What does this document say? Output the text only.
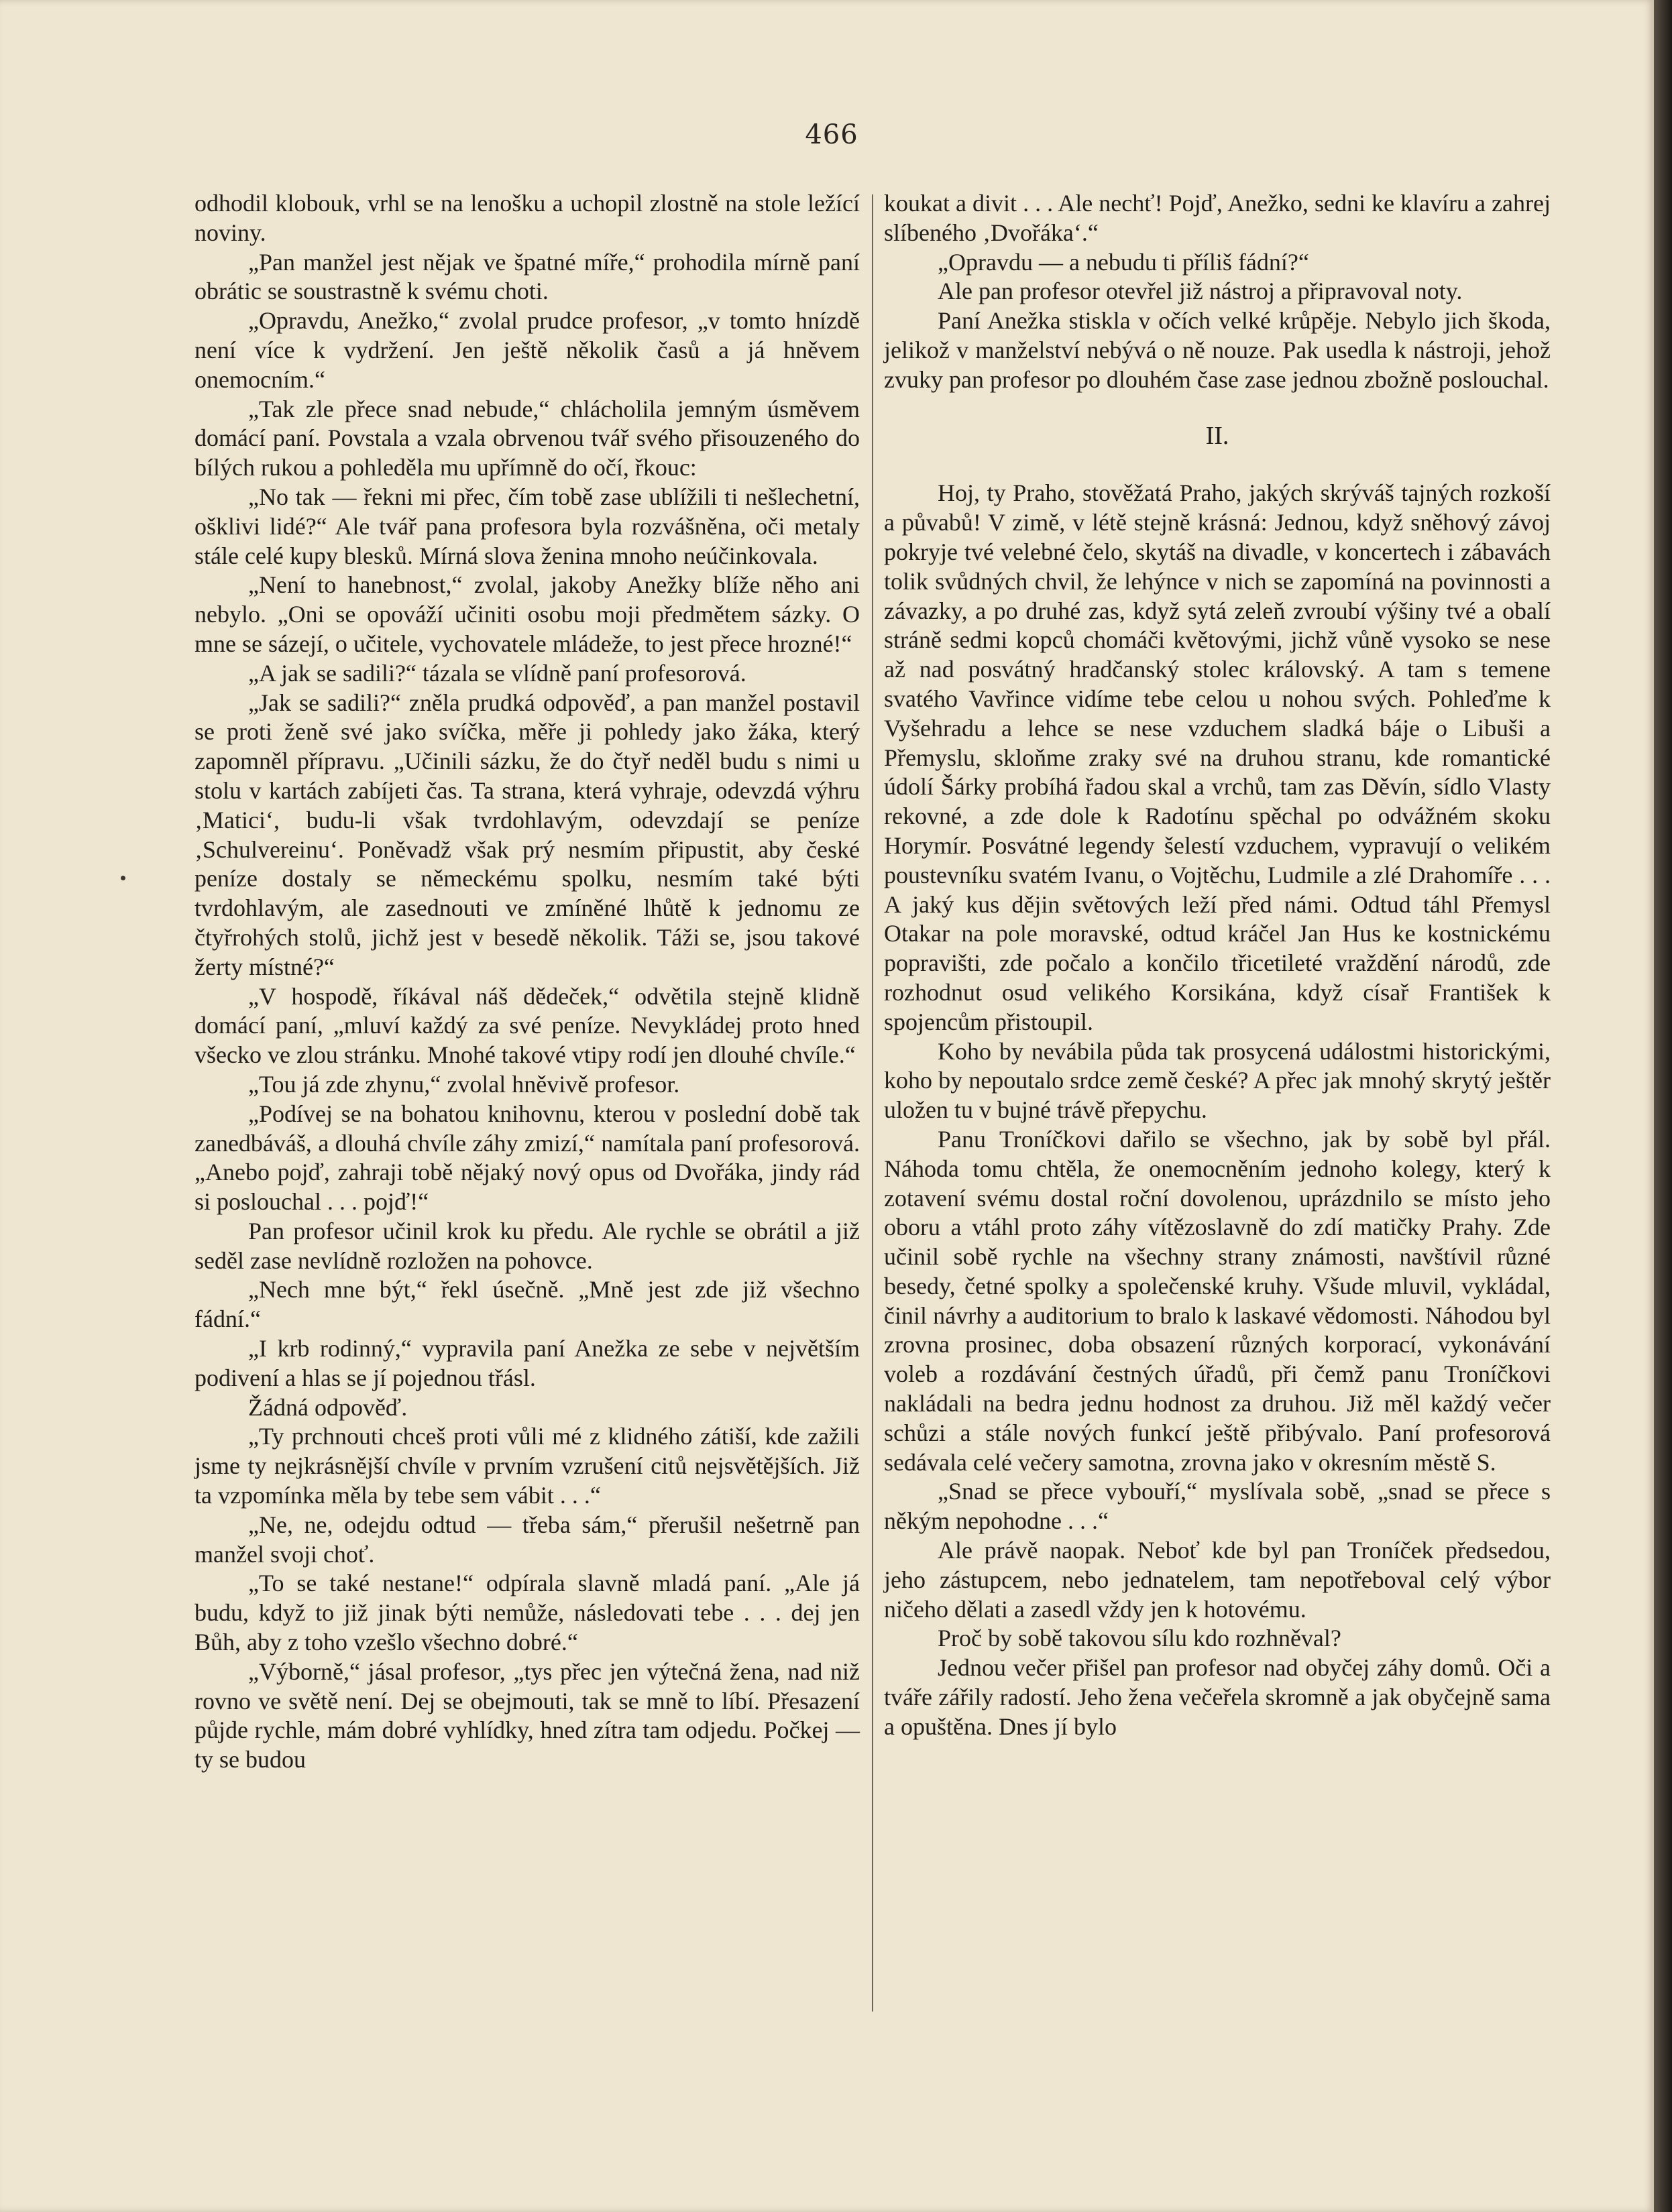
466

odhodil klobouk, vrhl se na lenošku a uchopil zlostně na stole ležící noviny.

„Pan manžel jest nějak ve špatné míře,“ prohodila mírně paní obrátic se soustrastně k svému choti.

„Opravdu, Anežko,“ zvolal prudce profesor, „v tomto hnízdě není více k vydržení. Jen ještě několik časů a já hněvem onemocním.“

„Tak zle přece snad nebude,“ chlácholila jemným úsměvem domácí paní. Povstala a vzala obrvenou tvář svého přisouzeného do bílých rukou a pohleděla mu upřímně do očí, řkouc:

„No tak — řekni mi přec, čím tobě zase ublížili ti nešlechetní, ošklivi lidé?“ Ale tvář pana profesora byla rozvášněna, oči metaly stále celé kupy blesků. Mírná slova ženina mnoho neúčinkovala.

„Není to hanebnost,“ zvolal, jakoby Anežky blíže něho ani nebylo. „Oni se opováží učiniti osobu moji předmětem sázky. O mne se sázejí, o učitele, vychovatele mládeže, to jest přece hrozné!“

„A jak se sadili?“ tázala se vlídně paní profesorová.

„Jak se sadili?“ zněla prudká odpověď, a pan manžel postavil se proti ženě své jako svíčka, měře ji pohledy jako žáka, který zapomněl přípravu. „Učinili sázku, že do čtyř neděl budu s nimi u stolu v kartách zabíjeti čas. Ta strana, která vyhraje, odevzdá výhru ‚Matici‘, budu-li však tvrdohlavým, odevzdají se peníze ‚Schulvereinu‘. Poněvadž však prý nesmím připustit, aby české peníze dostaly se německému spolku, nesmím také býti tvrdohlavým, ale zasednouti ve zmíněné lhůtě k jednomu ze čtyřrohých stolů, jichž jest v besedě několik. Táži se, jsou takové žerty místné?“

„V hospodě, říkával náš dědeček,“ odvětila stejně klidně domácí paní, „mluví každý za své peníze. Nevykládej proto hned všecko ve zlou stránku. Mnohé takové vtipy rodí jen dlouhé chvíle.“

„Tou já zde zhynu,“ zvolal hněvivě profesor.

„Podívej se na bohatou knihovnu, kterou v poslední době tak zanedbáváš, a dlouhá chvíle záhy zmizí,“ namítala paní profesorová. „Anebo pojď, zahraji tobě nějaký nový opus od Dvořáka, jindy rád si poslouchal . . . pojď!“

Pan profesor učinil krok ku předu. Ale rychle se obrátil a již seděl zase nevlídně rozložen na pohovce.

„Nech mne být,“ řekl úsečně. „Mně jest zde již všechno fádní.“

„I krb rodinný,“ vypravila paní Anežka ze sebe v největším podivení a hlas se jí pojednou třásl.

Žádná odpověď.

„Ty prchnouti chceš proti vůli mé z klidného zátiší, kde zažili jsme ty nejkrásnější chvíle v prvním vzrušení citů nejsvětějších. Již ta vzpomínka měla by tebe sem vábit . . .“

„Ne, ne, odejdu odtud — třeba sám,“ přerušil nešetrně pan manžel svoji choť.

„To se také nestane!“ odpírala slavně mladá paní. „Ale já budu, když to již jinak býti nemůže, následovati tebe . . . dej jen Bůh, aby z toho vzešlo všechno dobré.“

„Výborně,“ jásal profesor, „tys přec jen výtečná žena, nad niž rovno ve světě není. Dej se obejmouti, tak se mně to líbí. Přesazení půjde rychle, mám dobré vyhlídky, hned zítra tam odjedu. Počkej — ty se budou

koukat a divit . . . Ale nechť! Pojď, Anežko, sedni ke klavíru a zahrej slíbeného ‚Dvořáka‘.“

„Opravdu — a nebudu ti příliš fádní?“

Ale pan profesor otevřel již nástroj a připravoval noty.

Paní Anežka stiskla v očích velké krůpěje. Nebylo jich škoda, jelikož v manželství nebývá o ně nouze. Pak usedla k nástroji, jehož zvuky pan profesor po dlouhém čase zase jednou zbožně poslouchal.

II.

Hoj, ty Praho, stověžatá Praho, jakých skrýváš tajných rozkoší a půvabů! V zimě, v létě stejně krásná: Jednou, když sněhový závoj pokryje tvé velebné čelo, skytáš na divadle, v koncertech i zábavách tolik svůdných chvil, že lehýnce v nich se zapomíná na povinnosti a závazky, a po druhé zas, když sytá zeleň zvroubí výšiny tvé a obalí stráně sedmi kopců chomáči květovými, jichž vůně vysoko se nese až nad posvátný hradčanský stolec královský. A tam s temene svatého Vavřince vidíme tebe celou u nohou svých. Pohleďme k Vyšehradu a lehce se nese vzduchem sladká báje o Libuši a Přemyslu, skloňme zraky své na druhou stranu, kde romantické údolí Šárky probíhá řadou skal a vrchů, tam zas Děvín, sídlo Vlasty rekovné, a zde dole k Radotínu spěchal po odvážném skoku Horymír. Posvátné legendy šelestí vzduchem, vypravují o velikém poustevníku svatém Ivanu, o Vojtěchu, Ludmile a zlé Drahomíře . . . A jaký kus dějin světových leží před námi. Odtud táhl Přemysl Otakar na pole moravské, odtud kráčel Jan Hus ke kostnickému popravišti, zde počalo a končilo třicetileté vraždění národů, zde rozhodnut osud velikého Korsikána, když císař František k spojencům přistoupil.

Koho by nevábila půda tak prosycená událostmi historickými, koho by nepoutalo srdce země české? A přec jak mnohý skrytý ještěr uložen tu v bujné trávě přepychu.

Panu Troníčkovi dařilo se všechno, jak by sobě byl přál. Náhoda tomu chtěla, že onemocněním jednoho kolegy, který k zotavení svému dostal roční dovolenou, uprázdnilo se místo jeho oboru a vtáhl proto záhy vítězoslavně do zdí matičky Prahy. Zde učinil sobě rychle na všechny strany známosti, navštívil různé besedy, četné spolky a společenské kruhy. Všude mluvil, vykládal, činil návrhy a auditorium to bralo k laskavé vědomosti. Náhodou byl zrovna prosinec, doba obsazení různých korporací, vykonávání voleb a rozdávání čestných úřadů, při čemž panu Troníčkovi nakládali na bedra jednu hodnost za druhou. Již měl každý večer schůzi a stále nových funkcí ještě přibývalo. Paní profesorová sedávala celé večery samotna, zrovna jako v okresním městě S.

„Snad se přece vybouří,“ myslívala sobě, „snad se přece s někým nepohodne . . .“

Ale právě naopak. Neboť kde byl pan Troníček předsedou, jeho zástupcem, nebo jednatelem, tam nepotřeboval celý výbor ničeho dělati a zasedl vždy jen k hotovému.

Proč by sobě takovou sílu kdo rozhněval?

Jednou večer přišel pan profesor nad obyčej záhy domů. Oči a tváře zářily radostí. Jeho žena večeřela skromně a jak obyčejně sama a opuštěna. Dnes jí bylo
